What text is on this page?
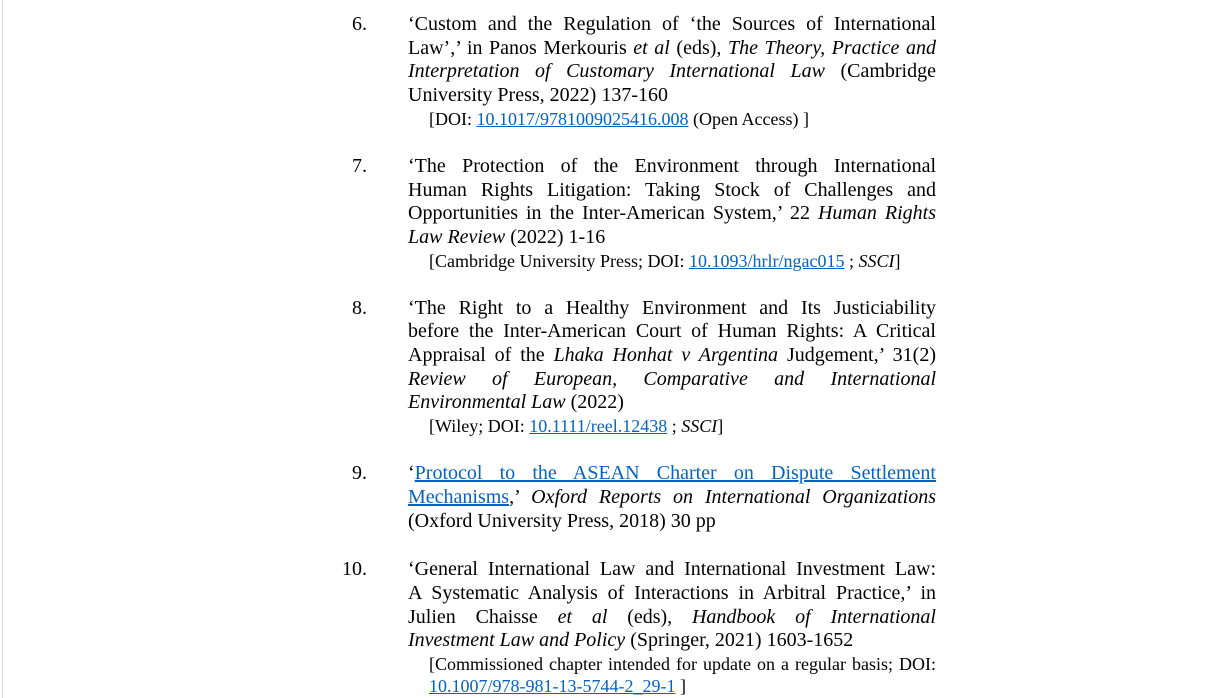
6. ‘Custom and the Regulation of ‘the Sources of International
Law’,’ in Panos Merkouris et al (eds), The Theory, Practice and
Interpretation of Customary International Law (Cambridge
University Press, 2022) 137-160
[DOI: 10.1017/9781009025416.008 (Open Access) ]
7. ‘The Protection of the Environment through International
Human Rights Litigation: Taking Stock of Challenges and
Opportunities in the Inter-American System,’ 22 Human Rights
Law Review (2022) 1-16
[Cambridge University Press; DOI: 10.1093/hrlr/ngac015 ; SSCI]
8. ‘The Right to a Healthy Environment and Its Justiciability
before the Inter-American Court of Human Rights: A Critical
Appraisal of the Lhaka Honhat v Argentina Judgement,’ 31(2)
Review of European, Comparative and International
Environmental Law (2022)
[Wiley; DOI: 10.1111/reel.12438 ; SSCI]
9. ‘Protocol to the ASEAN Charter on Dispute Settlement
Mechanisms,’ Oxford Reports on International Organizations
(Oxford University Press, 2018) 30 pp
10. ‘General International Law and International Investment Law:
A Systematic Analysis of Interactions in Arbitral Practice,’ in
Julien Chaisse et al (eds), Handbook of International
Investment Law and Policy (Springer, 2021) 1603-1652
[Commissioned chapter intended for update on a regular basis; DOI:
10.1007/978-981-13-5744-2_29-1 ]
